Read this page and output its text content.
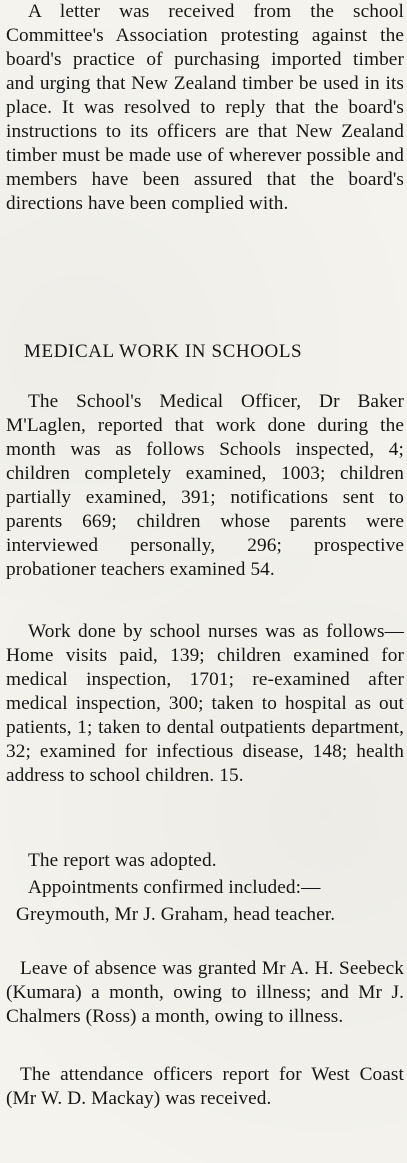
A letter was received from the school Committee's Association protesting against the board's practice of purchasing imported timber and urging that New Zealand timber be used in its place. It was resolved to reply that the board's instructions to its officers are that New Zealand timber must be made use of wherever possible and members have been assured that the board's directions have been complied with.

MEDICAL WORK IN SCHOOLS

The School's Medical Officer, Dr Baker M'Laglen, reported that work done during the month was as follows Schools inspected, 4; children completely examined, 1003; children partially examined, 391; notifications sent to parents 669; children whose parents were interviewed personally, 296; prospective probationer teachers examined 54.

Work done by school nurses was as follows—Home visits paid, 139; children examined for medical inspection, 1701; re-examined after medical inspection, 300; taken to hospital as out patients, 1; taken to dental outpatients department, 32; examined for infectious disease, 148; health address to school children. 15.

The report was adopted.

Appointments confirmed included:—

Greymouth, Mr J. Graham, head teacher.

Leave of absence was granted Mr A. H. Seebeck (Kumara) a month, owing to illness; and Mr J. Chalmers (Ross) a month, owing to illness.

The attendance officers report for West Coast (Mr W. D. Mackay) was received.
